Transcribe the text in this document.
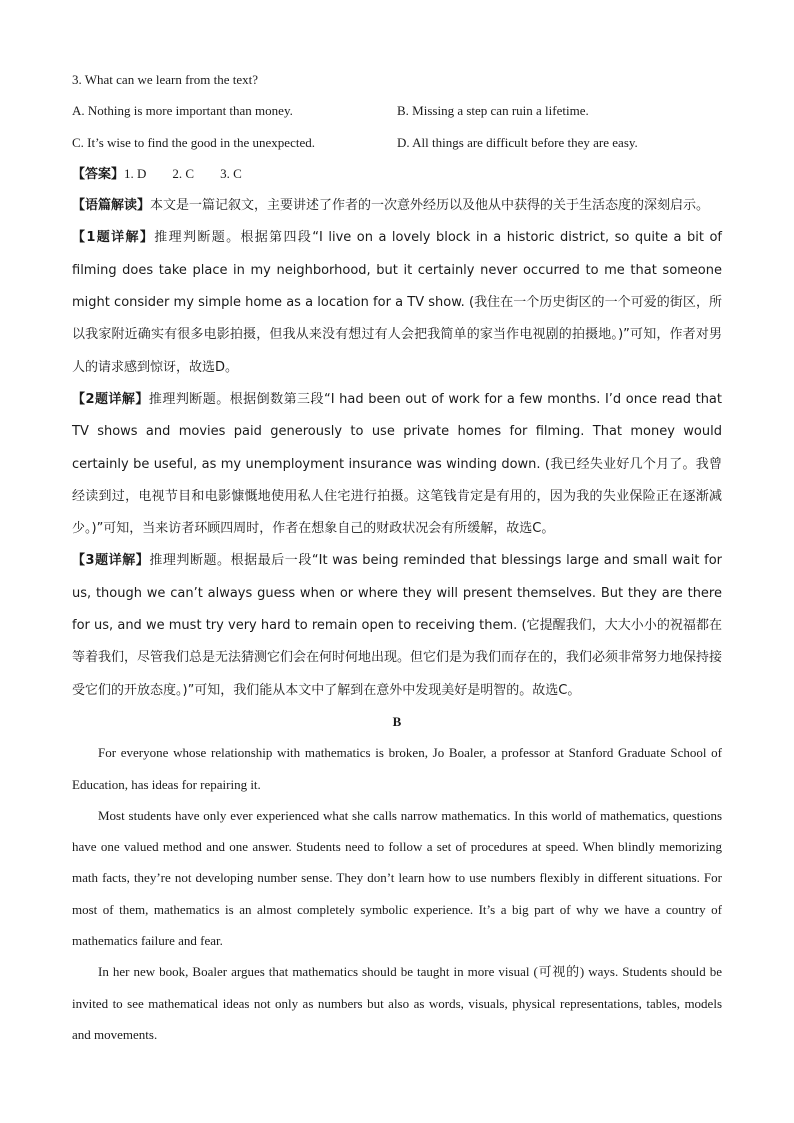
3. What can we learn from the text?
A. Nothing is more important than money.	B. Missing a step can ruin a lifetime.
C. It’s wise to find the good in the unexpected.	D. All things are difficult before they are easy.
【答案】1. D 2. C 3. C

【语篇解读】本文是一篇记叙文，主要讲述了作者的一次意外经历以及他从中获得的关于生活态度的深刻启示。

【1题详解】推理判断题。根据第四段“I live on a lovely block in a historic district, so quite a bit of filming does take place in my neighborhood, but it certainly never occurred to me that someone might consider my simple home as a location for a TV show. (我住在一个历史街区的一个可爱的街区，所以我家附近确实有很多电影拍摄，但我从来没有想过有人会把我简单的家当作电视剧的拍摄地。)”可知，作者对男人的请求感到惊讶，故选D。

【2题详解】推理判断题。根据倒数第三段“I had been out of work for a few months. I’d once read that TV shows and movies paid generously to use private homes for filming. That money would certainly be useful, as my unemployment insurance was winding down. (我已经失业好几个月了。我曾经读到过，电视节目和电影慷慨地使用私人住宅进行拍摄。这笔钱肯定是有用的，因为我的失业保险正在逐渐减少。)”可知，当来访者环顾四周时，作者在想象自己的财政状况会有所缓解，故选C。

【3题详解】推理判断题。根据最后一段“It was being reminded that blessings large and small wait for us, though we can’t always guess when or where they will present themselves. But they are there for us, and we must try very hard to remain open to receiving them. (它提醒我们，大大小小的祝福都在等着我们，尽管我们总是无法猜测它们会在何时何地出现。但它们是为我们而存在的，我们必须非常努力地保持接受它们的开放态度。)”可知，我们能从本文中了解到在意外中发现美好是明智的。故选C。

B

For everyone whose relationship with mathematics is broken, Jo Boaler, a professor at Stanford Graduate School of Education, has ideas for repairing it.

Most students have only ever experienced what she calls narrow mathematics. In this world of mathematics, questions have one valued method and one answer. Students need to follow a set of procedures at speed. When blindly memorizing math facts, they’re not developing number sense. They don’t learn how to use numbers flexibly in different situations. For most of them, mathematics is an almost completely symbolic experience. It’s a big part of why we have a country of mathematics failure and fear.

In her new book, Boaler argues that mathematics should be taught in more visual (可视的) ways. Students should be invited to see mathematical ideas not only as numbers but also as words, visuals, physical representations, tables, models and movements.
